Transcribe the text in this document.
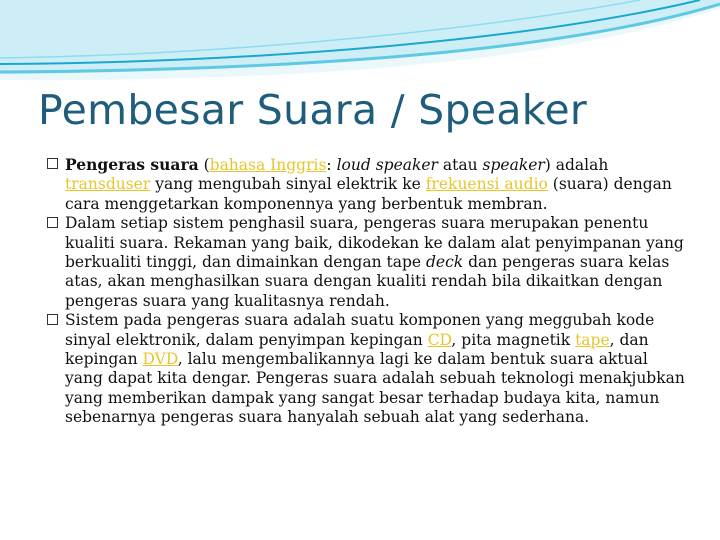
Pembesar Suara / Speaker
Pengeras suara (bahasa Inggris: loud speaker atau speaker) adalah transduser yang mengubah sinyal elektrik ke frekuensi audio (suara) dengan cara menggetarkan komponennya yang berbentuk membran.
Dalam setiap sistem penghasil suara, pengeras suara merupakan penentu kualiti suara. Rekaman yang baik, dikodekan ke dalam alat penyimpanan yang berkualiti tinggi, dan dimainkan dengan tape deck dan pengeras suara kelas atas, akan menghasilkan suara dengan kualiti rendah bila dikaitkan dengan pengeras suara yang kualitasnya rendah.
Sistem pada pengeras suara adalah suatu komponen yang meggubah kode sinyal elektronik, dalam penyimpan kepingan CD, pita magnetik tape, dan kepingan DVD, lalu mengembalikannya lagi ke dalam bentuk suara aktual yang dapat kita dengar. Pengeras suara adalah sebuah teknologi menakjubkan yang memberikan dampak yang sangat besar terhadap budaya kita, namun sebenarnya pengeras suara hanyalah sebuah alat yang sederhana.
